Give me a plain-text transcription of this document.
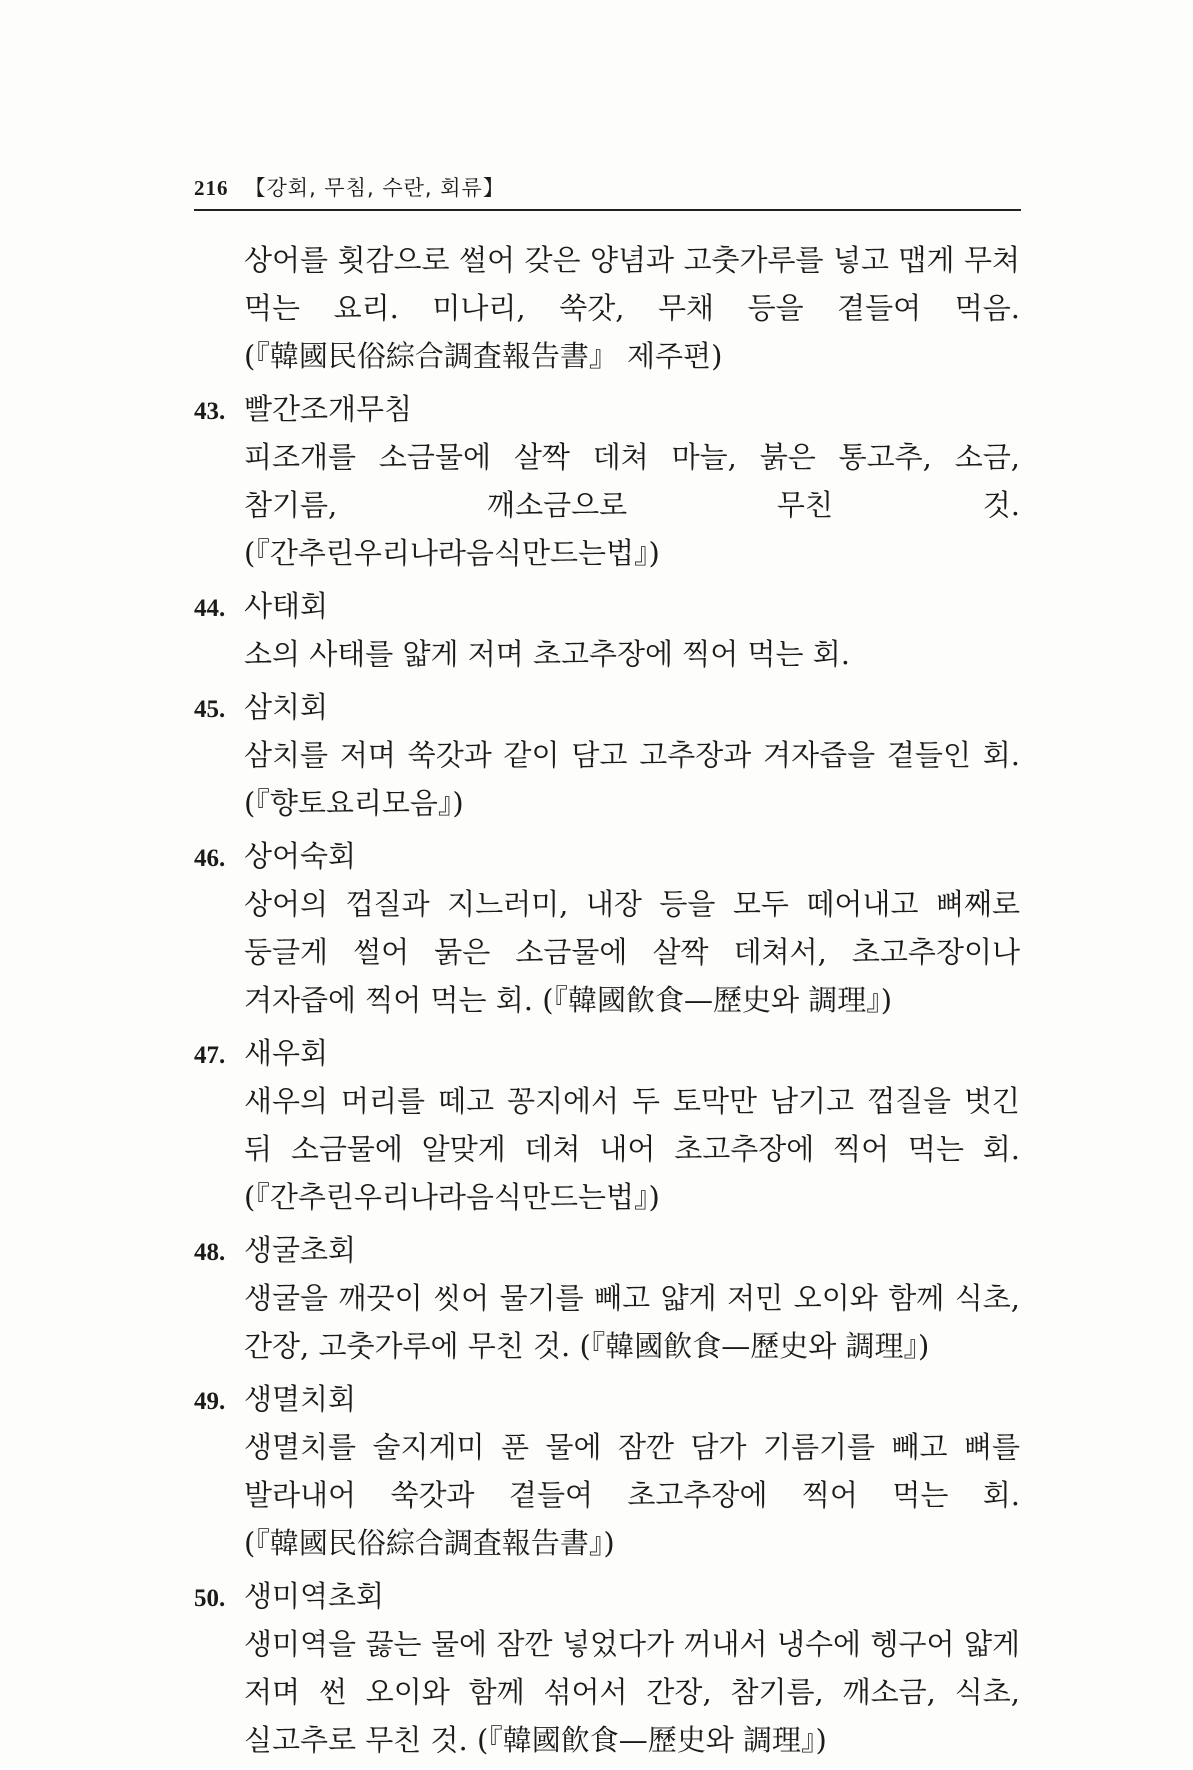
216 【강회, 무침, 수란, 회류】

상어를 횟감으로 썰어 갖은 양념과 고춧가루를 넣고 맵게 무쳐 먹는 요리. 미나리, 쑥갓, 무채 등을 곁들여 먹음. (『韓國民俗綜合調査報告書』 제주편)

43. 빨간조개무침

피조개를 소금물에 살짝 데쳐 마늘, 붉은 통고추, 소금, 참기름, 깨소금으로 무친 것. (『간추린우리나라음식만드는법』)

44. 사태회

소의 사태를 얇게 저며 초고추장에 찍어 먹는 회.

45. 삼치회

삼치를 저며 쑥갓과 같이 담고 고추장과 겨자즙을 곁들인 회. (『향토요리모음』)

46. 상어숙회

상어의 껍질과 지느러미, 내장 등을 모두 떼어내고 뼈째로 둥글게 썰어 묽은 소금물에 살짝 데쳐서, 초고추장이나 겨자즙에 찍어 먹는 회. (『韓國飮食—歷史와 調理』)

47. 새우회

새우의 머리를 떼고 꽁지에서 두 토막만 남기고 껍질을 벗긴 뒤 소금물에 알맞게 데쳐 내어 초고추장에 찍어 먹는 회. (『간추린우리나라음식만드는법』)

48. 생굴초회

생굴을 깨끗이 씻어 물기를 빼고 얇게 저민 오이와 함께 식초, 간장, 고춧가루에 무친 것. (『韓國飮食—歷史와 調理』)

49. 생멸치회

생멸치를 술지게미 푼 물에 잠깐 담가 기름기를 빼고 뼈를 발라내어 쑥갓과 곁들여 초고추장에 찍어 먹는 회. (『韓國民俗綜合調査報告書』)

50. 생미역초회

생미역을 끓는 물에 잠깐 넣었다가 꺼내서 냉수에 헹구어 얇게 저며 썬 오이와 함께 섞어서 간장, 참기름, 깨소금, 식초, 실고추로 무친 것. (『韓國飮食—歷史와 調理』)
